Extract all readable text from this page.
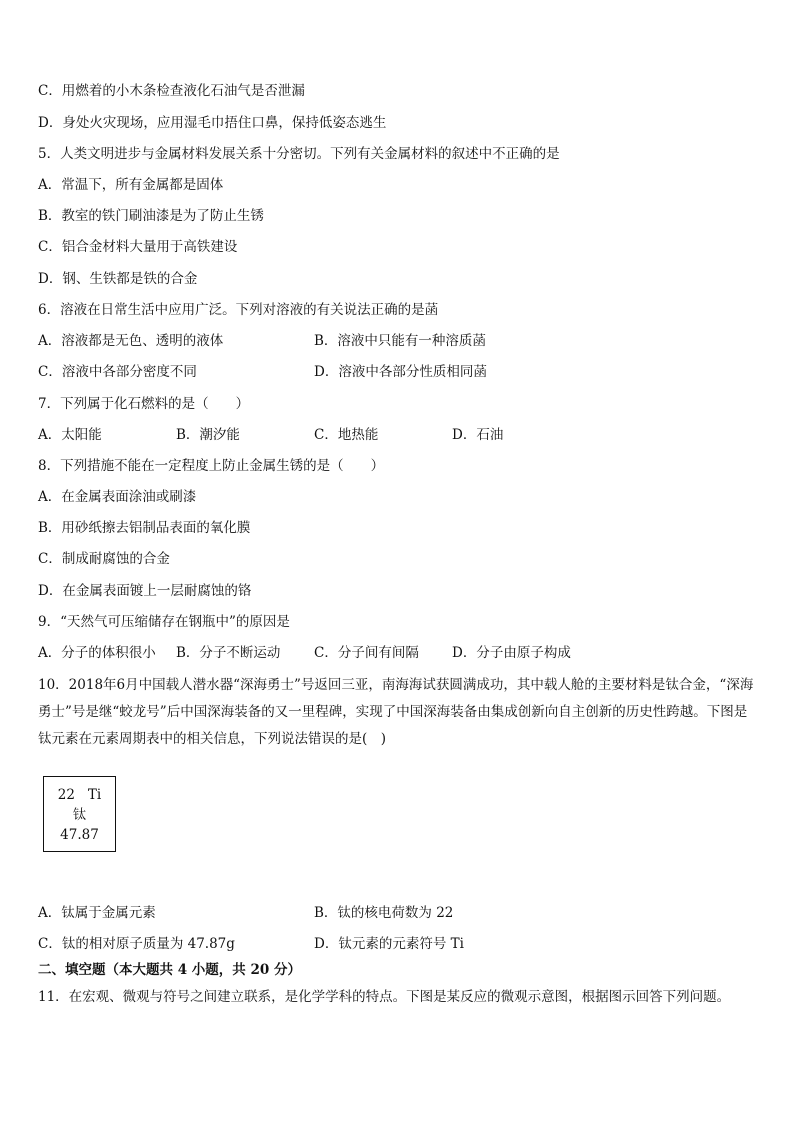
C．用燃着的小木条检查液化石油气是否泄漏
D．身处火灾现场，应用湿毛巾捂住口鼻，保持低姿态逃生
5．人类文明进步与金属材料发展关系十分密切。下列有关金属材料的叙述中不正确的是
A．常温下，所有金属都是固体
B．教室的铁门刷油漆是为了防止生锈
C．铝合金材料大量用于高铁建设
D．钢、生铁都是铁的合金
6．溶液在日常生活中应用广泛。下列对溶液的有关说法正确的是菡
A．溶液都是无色、透明的液体	B．溶液中只能有一种溶质菡
C．溶液中各部分密度不同	D．溶液中各部分性质相同菡
7．下列属于化石燃料的是（　　）
A．太阳能	B．潮汐能	C．地热能	D．石油
8．下列措施不能在一定程度上防止金属生锈的是（　　）
A．在金属表面涂油或刷漆
B．用砂纸擦去铝制品表面的氧化膜
C．制成耐腐蚀的合金
D．在金属表面镀上一层耐腐蚀的铬
9．“天然气可压缩储存在钢瓶中”的原因是
A．分子的体积很小 B．分子不断运动 C．分子间有间隔 D．分子由原子构成
10．2018年6月中国载人潜水器“深海勇士”号返回三亚，南海海试获圆满成功，其中载人舱的主要材料是钛合金，“深海勇士”号是继“蛟龙号”后中国深海装备的又一里程碑，实现了中国深海装备由集成创新向自主创新的历史性跨越。下图是钛元素在元素周期表中的相关信息，下列说法错误的是(　)
22 Ti
钛
47.87
A．钛属于金属元素	B．钛的核电荷数为 22
C．钛的相对原子质量为 47.87g	D．钛元素的元素符号 Ti
二、填空题（本大题共 4 小题，共 20 分）
11．在宏观、微观与符号之间建立联系，是化学学科的特点。下图是某反应的微观示意图，根据图示回答下列问题。
